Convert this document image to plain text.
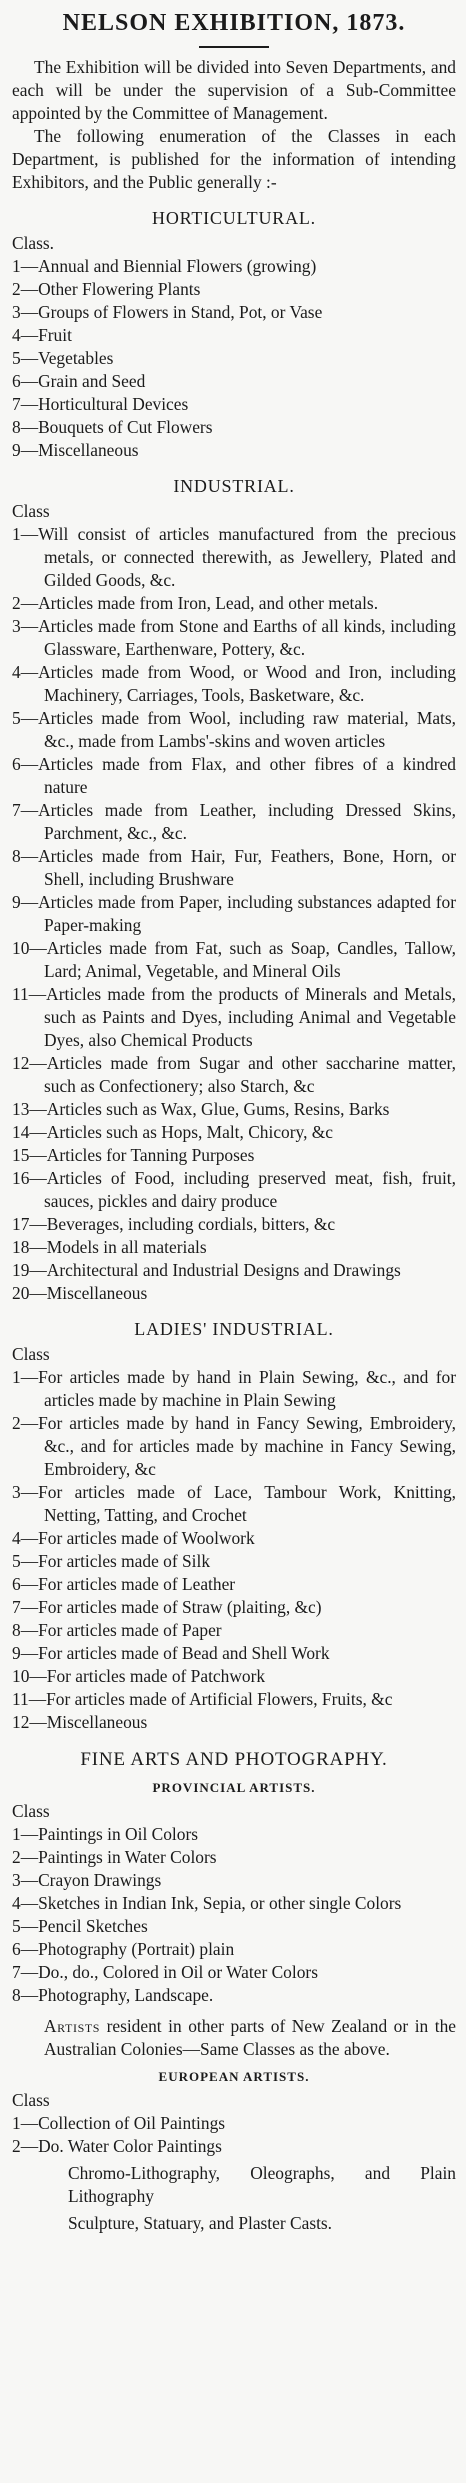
NELSON EXHIBITION, 1873.

The Exhibition will be divided into Seven Departments, and each will be under the supervision of a Sub-Committee appointed by the Committee of Management.

The following enumeration of the Classes in each Department, is published for the information of intending Exhibitors, and the Public generally :-

HORTICULTURAL.

Class.

1—Annual and Biennial Flowers (growing)

2—Other Flowering Plants

3—Groups of Flowers in Stand, Pot, or Vase

4—Fruit

5—Vegetables

6—Grain and Seed

7—Horticultural Devices

8—Bouquets of Cut Flowers

9—Miscellaneous

INDUSTRIAL.

Class

1—Will consist of articles manufactured from the precious metals, or connected therewith, as Jewellery, Plated and Gilded Goods, &c.

2—Articles made from Iron, Lead, and other metals.

3—Articles made from Stone and Earths of all kinds, including Glassware, Earthenware, Pottery, &c.

4—Articles made from Wood, or Wood and Iron, including Machinery, Carriages, Tools, Basketware, &c.

5—Articles made from Wool, including raw material, Mats, &c., made from Lambs'-skins and woven articles

6—Articles made from Flax, and other fibres of a kindred nature

7—Articles made from Leather, including Dressed Skins, Parchment, &c., &c.

8—Articles made from Hair, Fur, Feathers, Bone, Horn, or Shell, including Brushware

9—Articles made from Paper, including substances adapted for Paper-making

10—Articles made from Fat, such as Soap, Candles, Tallow, Lard; Animal, Vegetable, and Mineral Oils

11—Articles made from the products of Minerals and Metals, such as Paints and Dyes, including Animal and Vegetable Dyes, also Chemical Products

12—Articles made from Sugar and other saccharine matter, such as Confectionery; also Starch, &c

13—Articles such as Wax, Glue, Gums, Resins, Barks

14—Articles such as Hops, Malt, Chicory, &c

15—Articles for Tanning Purposes

16—Articles of Food, including preserved meat, fish, fruit, sauces, pickles and dairy produce

17—Beverages, including cordials, bitters, &c

18—Models in all materials

19—Architectural and Industrial Designs and Drawings

20—Miscellaneous

LADIES' INDUSTRIAL.

Class

1—For articles made by hand in Plain Sewing, &c., and for articles made by machine in Plain Sewing

2—For articles made by hand in Fancy Sewing, Embroidery, &c., and for articles made by machine in Fancy Sewing, Embroidery, &c

3—For articles made of Lace, Tambour Work, Knitting, Netting, Tatting, and Crochet

4—For articles made of Woolwork

5—For articles made of Silk

6—For articles made of Leather

7—For articles made of Straw (plaiting, &c)

8—For articles made of Paper

9—For articles made of Bead and Shell Work

10—For articles made of Patchwork

11—For articles made of Artificial Flowers, Fruits, &c

12—Miscellaneous

FINE ARTS AND PHOTOGRAPHY.
PROVINCIAL ARTISTS.

Class

1—Paintings in Oil Colors

2—Paintings in Water Colors

3—Crayon Drawings

4—Sketches in Indian Ink, Sepia, or other single Colors

5—Pencil Sketches

6—Photography (Portrait) plain

7—Do., do., Colored in Oil or Water Colors

8—Photography, Landscape.

Artists resident in other parts of New Zealand or in the Australian Colonies—Same Classes as the above.

EUROPEAN ARTISTS.

Class

1—Collection of Oil Paintings

2—Do. Water Color Paintings

Chromo-Lithography, Oleographs, and Plain Lithography

Sculpture, Statuary, and Plaster Casts.
